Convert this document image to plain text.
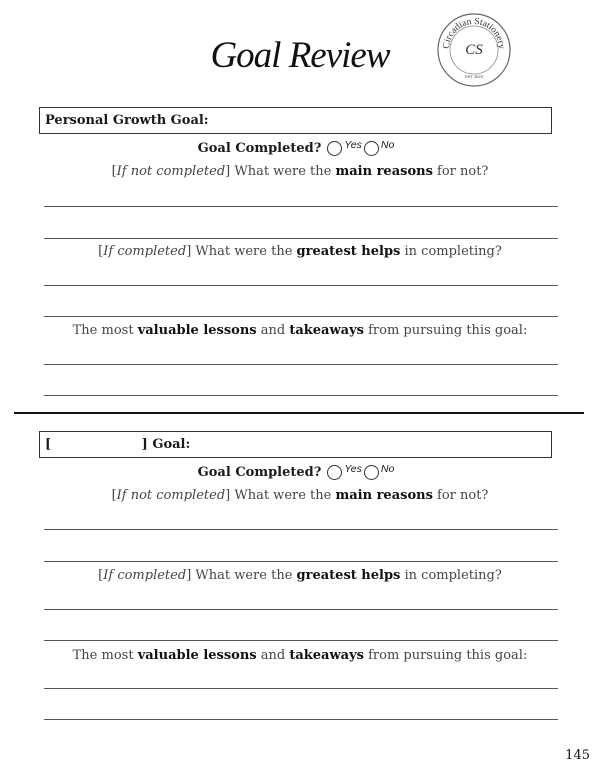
Goal Review	Circadian Stationery
CS
EST 2023
Personal Growth Goal:
Goal Completed? Yes No
[If not completed] What were the main reasons for not?
[If completed] What were the greatest helps in completing?
The most valuable lessons and takeaways from pursuing this goal:
[                    ] Goal:
Goal Completed? Yes No
[If not completed] What were the main reasons for not?
[If completed] What were the greatest helps in completing?
The most valuable lessons and takeaways from pursuing this goal:
145
